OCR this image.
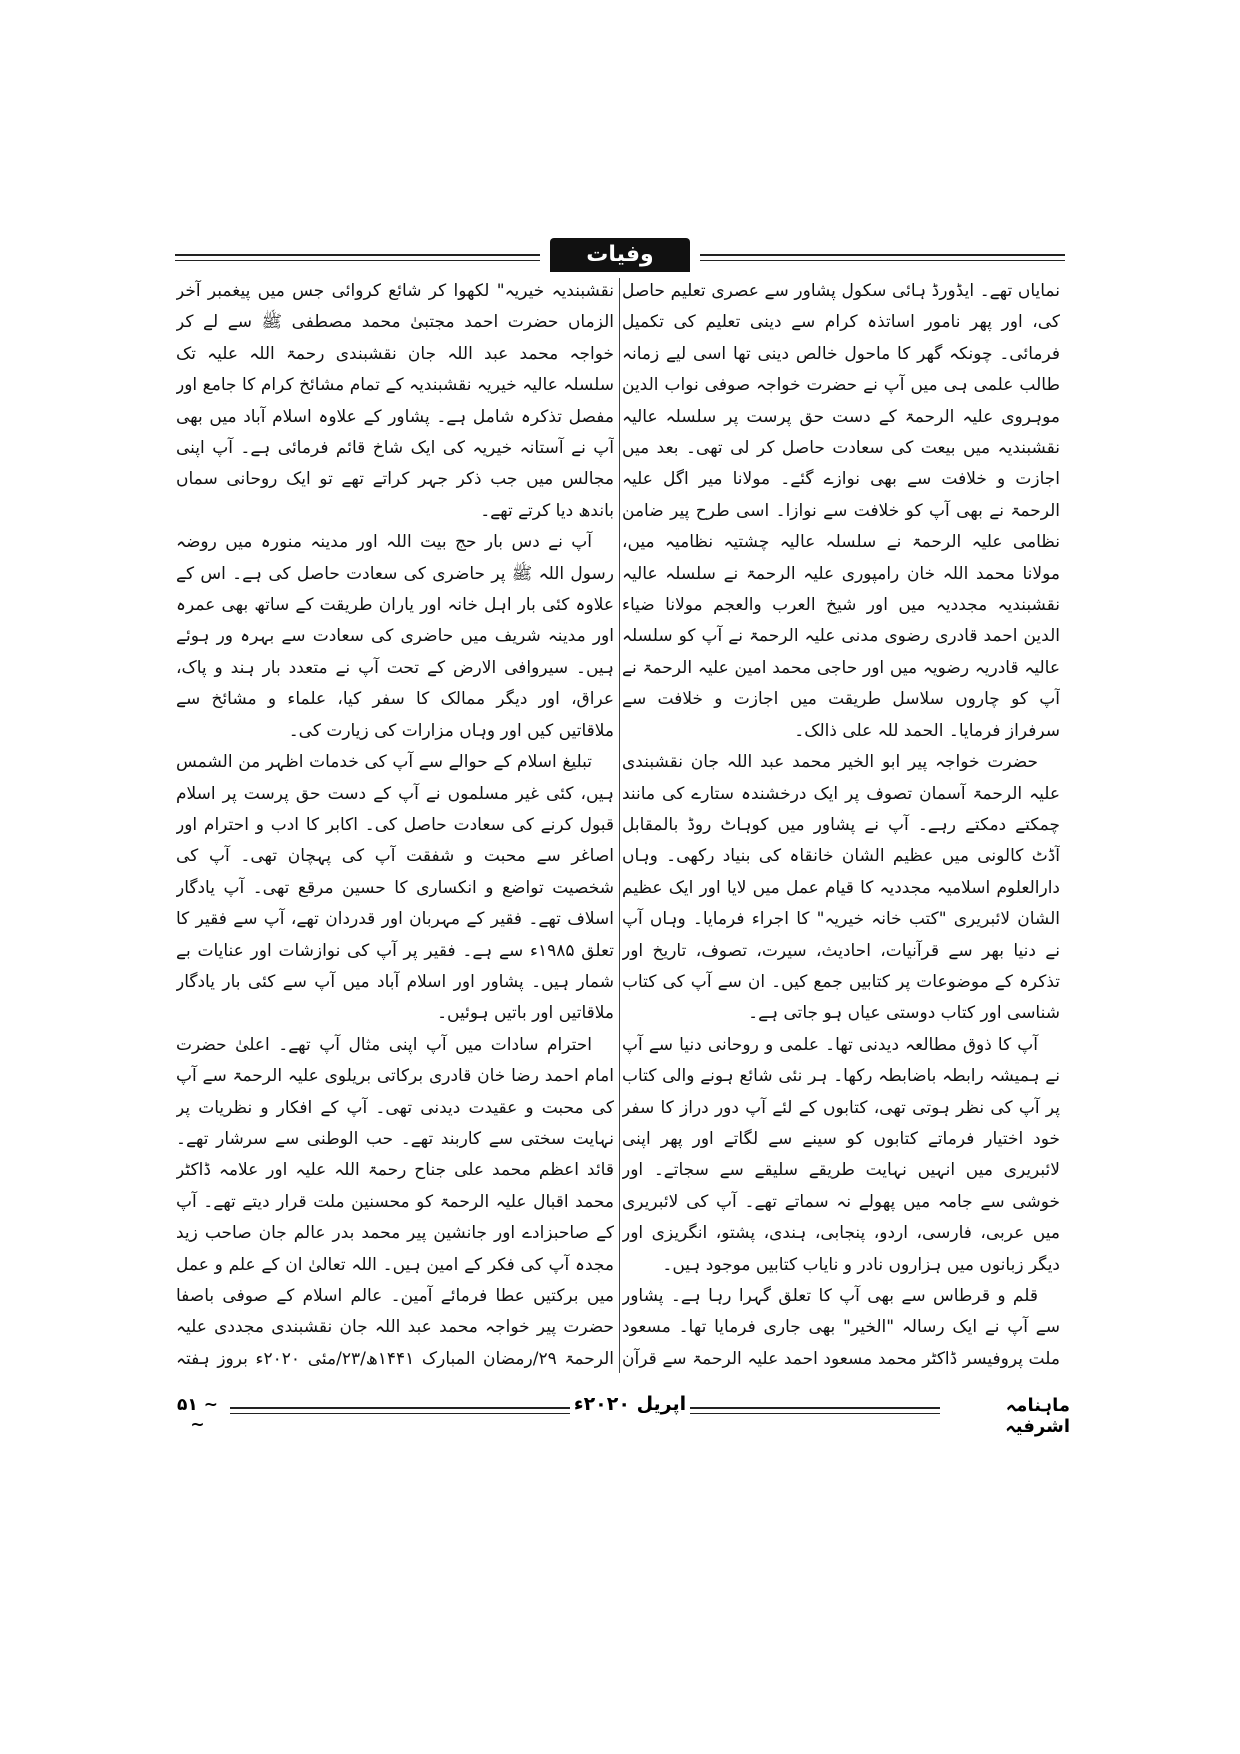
وفیات

نمایاں تھے۔ ایڈورڈ ہائی سکول پشاور سے عصری تعلیم حاصل کی، اور پھر نامور اساتذہ کرام سے دینی تعلیم کی تکمیل فرمائی۔ چونکہ گھر کا ماحول خالص دینی تھا اسی لیے زمانہ طالب علمی ہی میں آپ نے حضرت خواجہ صوفی نواب الدین موہروی علیہ الرحمۃ کے دست حق پرست پر سلسلہ عالیہ نقشبندیہ میں بیعت کی سعادت حاصل کر لی تھی۔ بعد میں اجازت و خلافت سے بھی نوازے گئے۔ مولانا میر اگل علیہ الرحمۃ نے بھی آپ کو خلافت سے نوازا۔ اسی طرح پیر ضامن نظامی علیہ الرحمۃ نے سلسلہ عالیہ چشتیہ نظامیہ میں، مولانا محمد اللہ خان رامپوری علیہ الرحمۃ نے سلسلہ عالیہ نقشبندیہ مجددیہ میں اور شیخ العرب والعجم مولانا ضیاء الدین احمد قادری رضوی مدنی علیہ الرحمۃ نے آپ کو سلسلہ عالیہ قادریہ رضویہ میں اور حاجی محمد امین علیہ الرحمۃ نے آپ کو چاروں سلاسل طریقت میں اجازت و خلافت سے سرفراز فرمایا۔ الحمد للہ علی ذالک۔

حضرت خواجہ پیر ابو الخیر محمد عبد اللہ جان نقشبندی علیہ الرحمۃ آسمان تصوف پر ایک درخشندہ ستارے کی مانند چمکتے دمکتے رہے۔ آپ نے پشاور میں کوہاٹ روڈ بالمقابل آڈٹ کالونی میں عظیم الشان خانقاہ کی بنیاد رکھی۔ وہاں دارالعلوم اسلامیہ مجددیہ کا قیام عمل میں لایا اور ایک عظیم الشان لائبریری "کتب خانہ خیریہ" کا اجراء فرمایا۔ وہاں آپ نے دنیا بھر سے قرآنیات، احادیث، سیرت، تصوف، تاریخ اور تذکرہ کے موضوعات پر کتابیں جمع کیں۔ ان سے آپ کی کتاب شناسی اور کتاب دوستی عیاں ہو جاتی ہے۔

آپ کا ذوق مطالعہ دیدنی تھا۔ علمی و روحانی دنیا سے آپ نے ہمیشہ رابطہ باضابطہ رکھا۔ ہر نئی شائع ہونے والی کتاب پر آپ کی نظر ہوتی تھی، کتابوں کے لئے آپ دور دراز کا سفر خود اختیار فرماتے کتابوں کو سینے سے لگاتے اور پھر اپنی لائبریری میں انہیں نہایت طریقے سلیقے سے سجاتے۔ اور خوشی سے جامہ میں پھولے نہ سماتے تھے۔ آپ کی لائبریری میں عربی، فارسی، اردو، پنجابی، ہندی، پشتو، انگریزی اور دیگر زبانوں میں ہزاروں نادر و نایاب کتابیں موجود ہیں۔

قلم و قرطاس سے بھی آپ کا تعلق گہرا رہا ہے۔ پشاور سے آپ نے ایک رسالہ "الخیر" بھی جاری فرمایا تھا۔ مسعود ملت پروفیسر ڈاکٹر محمد مسعود احمد علیہ الرحمۃ سے قرآن

نقشبندیہ خیریہ" لکھوا کر شائع کروائی جس میں پیغمبر آخر الزماں حضرت احمد مجتبیٰ محمد مصطفی ﷺ سے لے کر خواجہ محمد عبد اللہ جان نقشبندی رحمۃ اللہ علیہ تک سلسلہ عالیہ خیریہ نقشبندیہ کے تمام مشائخ کرام کا جامع اور مفصل تذکرہ شامل ہے۔ پشاور کے علاوہ اسلام آباد میں بھی آپ نے آستانہ خیریہ کی ایک شاخ قائم فرمائی ہے۔ آپ اپنی مجالس میں جب ذکر جہر کراتے تھے تو ایک روحانی سماں باندھ دیا کرتے تھے۔

آپ نے دس بار حج بیت اللہ اور مدینہ منورہ میں روضہ رسول اللہ ﷺ پر حاضری کی سعادت حاصل کی ہے۔ اس کے علاوہ کئی بار اہل خانہ اور یاران طریقت کے ساتھ بھی عمرہ اور مدینہ شریف میں حاضری کی سعادت سے بہرہ ور ہوئے ہیں۔ سیروافی الارض کے تحت آپ نے متعدد بار ہند و پاک، عراق، اور دیگر ممالک کا سفر کیا، علماء و مشائخ سے ملاقاتیں کیں اور وہاں مزارات کی زیارت کی۔

تبلیغ اسلام کے حوالے سے آپ کی خدمات اظہر من الشمس ہیں، کئی غیر مسلموں نے آپ کے دست حق پرست پر اسلام قبول کرنے کی سعادت حاصل کی۔ اکابر کا ادب و احترام اور اصاغر سے محبت و شفقت آپ کی پہچان تھی۔ آپ کی شخصیت تواضع و انکساری کا حسین مرقع تھی۔ آپ یادگار اسلاف تھے۔ فقیر کے مہربان اور قدردان تھے، آپ سے فقیر کا تعلق ۱۹۸۵ء سے ہے۔ فقیر پر آپ کی نوازشات اور عنایات بے شمار ہیں۔ پشاور اور اسلام آباد میں آپ سے کئی بار یادگار ملاقاتیں اور باتیں ہوئیں۔

احترام سادات میں آپ اپنی مثال آپ تھے۔ اعلیٰ حضرت امام احمد رضا خان قادری برکاتی بریلوی علیہ الرحمۃ سے آپ کی محبت و عقیدت دیدنی تھی۔ آپ کے افکار و نظریات پر نہایت سختی سے کاربند تھے۔ حب الوطنی سے سرشار تھے۔ قائد اعظم محمد علی جناح رحمۃ اللہ علیہ اور علامہ ڈاکٹر محمد اقبال علیہ الرحمۃ کو محسنین ملت قرار دیتے تھے۔ آپ کے صاحبزادے اور جانشین پیر محمد بدر عالم جان صاحب زید مجدہ آپ کی فکر کے امین ہیں۔ اللہ تعالیٰ ان کے علم و عمل میں برکتیں عطا فرمائے آمین۔ عالم اسلام کے صوفی باصفا حضرت پیر خواجہ محمد عبد اللہ جان نقشبندی مجددی علیہ الرحمۃ ۲۹/رمضان المبارک ۱۴۴۱ھ/۲۳/مئی ۲۰۲۰ء بروز ہفتہ

~ ۵۱ ~
اپریل ۲۰۲۰ء	ماہنامہ اشرفیہ
